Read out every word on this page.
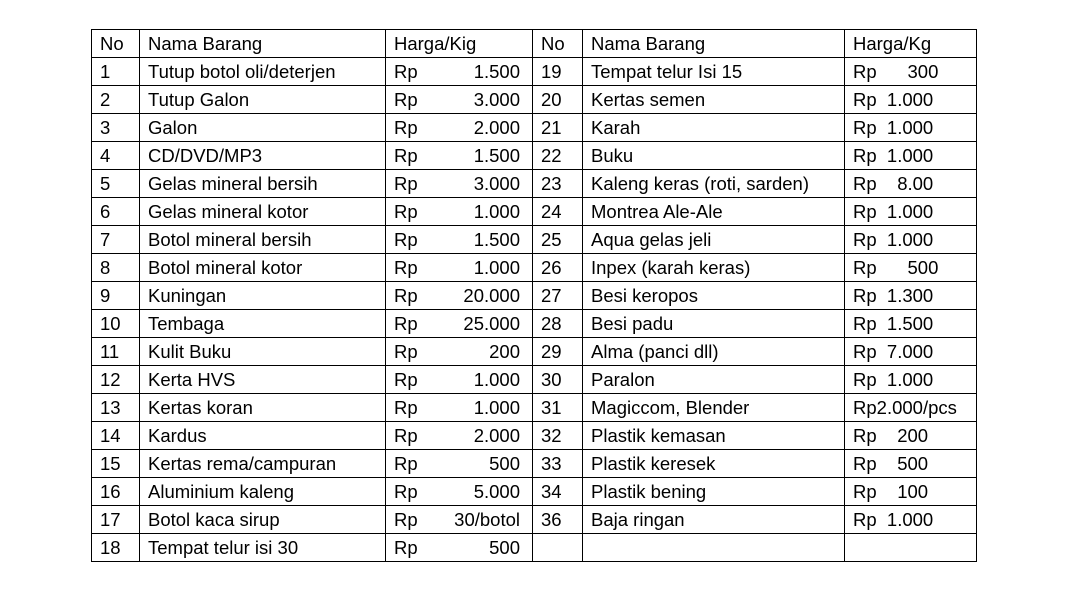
No	Nama Barang	Harga/Kig	No	Nama Barang	Harga/Kg
1	Tutup botol oli/deterjen	Rp 1.500	19	Tempat telur Isi 15	Rp      300
2	Tutup Galon	Rp 3.000	20	Kertas semen	Rp  1.000
3	Galon	Rp 2.000	21	Karah	Rp  1.000
4	CD/DVD/MP3	Rp 1.500	22	Buku	Rp  1.000
5	Gelas mineral bersih	Rp 3.000	23	Kaleng keras (roti, sarden)	Rp    8.00
6	Gelas mineral kotor	Rp 1.000	24	Montrea Ale-Ale	Rp  1.000
7	Botol mineral bersih	Rp 1.500	25	Aqua gelas jeli	Rp  1.000
8	Botol mineral kotor	Rp 1.000	26	Inpex (karah keras)	Rp      500
9	Kuningan	Rp 20.000	27	Besi keropos	Rp  1.300
10	Tembaga	Rp 25.000	28	Besi padu	Rp  1.500
11	Kulit Buku	Rp 200	29	Alma (panci dll)	Rp  7.000
12	Kerta HVS	Rp 1.000	30	Paralon	Rp  1.000
13	Kertas koran	Rp 1.000	31	Magiccom, Blender	Rp2.000/pcs
14	Kardus	Rp 2.000	32	Plastik kemasan	Rp    200
15	Kertas rema/campuran	Rp 500	33	Plastik keresek	Rp    500
16	Aluminium kaleng	Rp 5.000	34	Plastik bening	Rp    100
17	Botol kaca sirup	Rp 30/botol	36	Baja ringan	Rp  1.000
18	Tempat telur isi 30	Rp 500			
